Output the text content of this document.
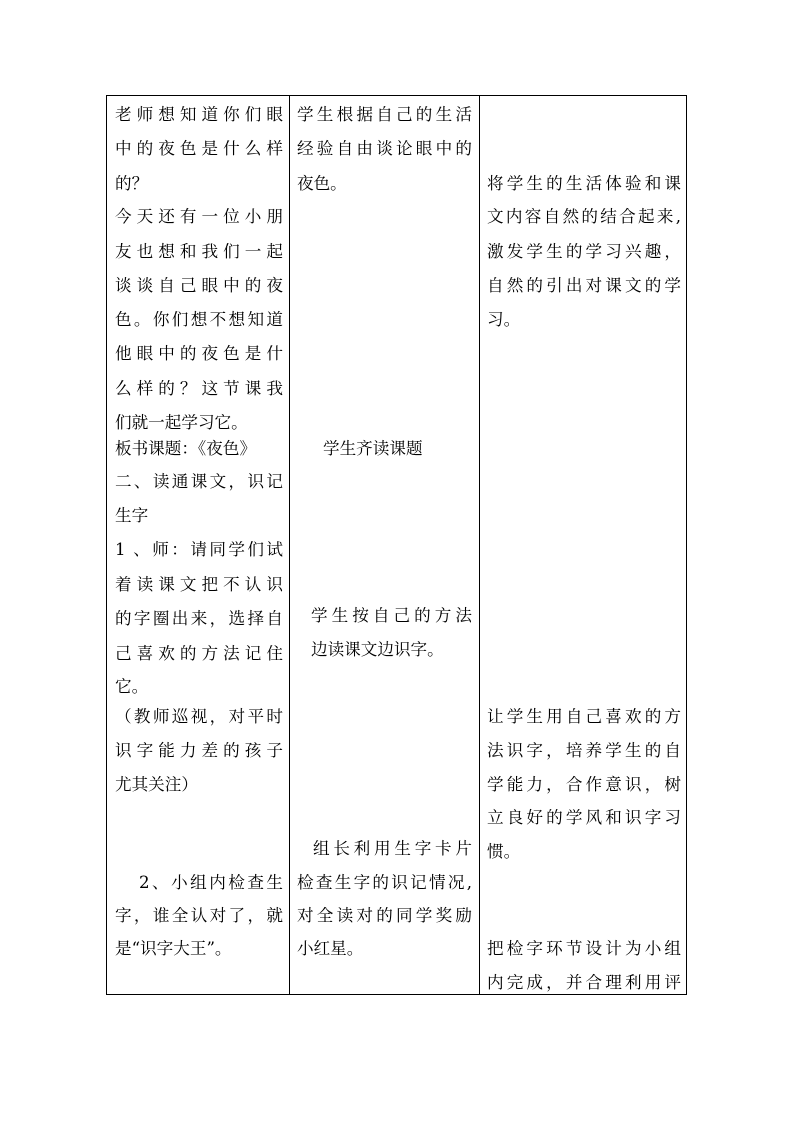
老师想知道你们眼
中的夜色是什么样
的？
今天还有一位小朋
友也想和我们一起
谈谈自己眼中的夜
色。你们想不想知道
他眼中的夜色是什
么样的？这节课我
们就一起学习它。
板书课题：《夜色》
二、读通课文，识记
生字
1 、师：请同学们试
着读课文把不认识
的字圈出来，选择自
己喜欢的方法记住
它。
（教师巡视，对平时
识字能力差的孩子
尤其关注）
2、小组内检查生
字，谁全认对了，就
是“识字大王”。
学生根据自己的生活
经验自由谈论眼中的
夜色。
学生齐读课题
学生按自己的方法
边读课文边识字。
组长利用生字卡片
检查生字的识记情况,
对全读对的同学奖励
小红星。
将学生的生活体验和课
文内容自然的结合起来,
激发学生的学习兴趣，
自然的引出对课文的学
习。
让学生用自己喜欢的方
法识字，培养学生的自
学能力，合作意识，树
立良好的学风和识字习
惯。
把检字环节设计为小组
内完成，并合理利用评
